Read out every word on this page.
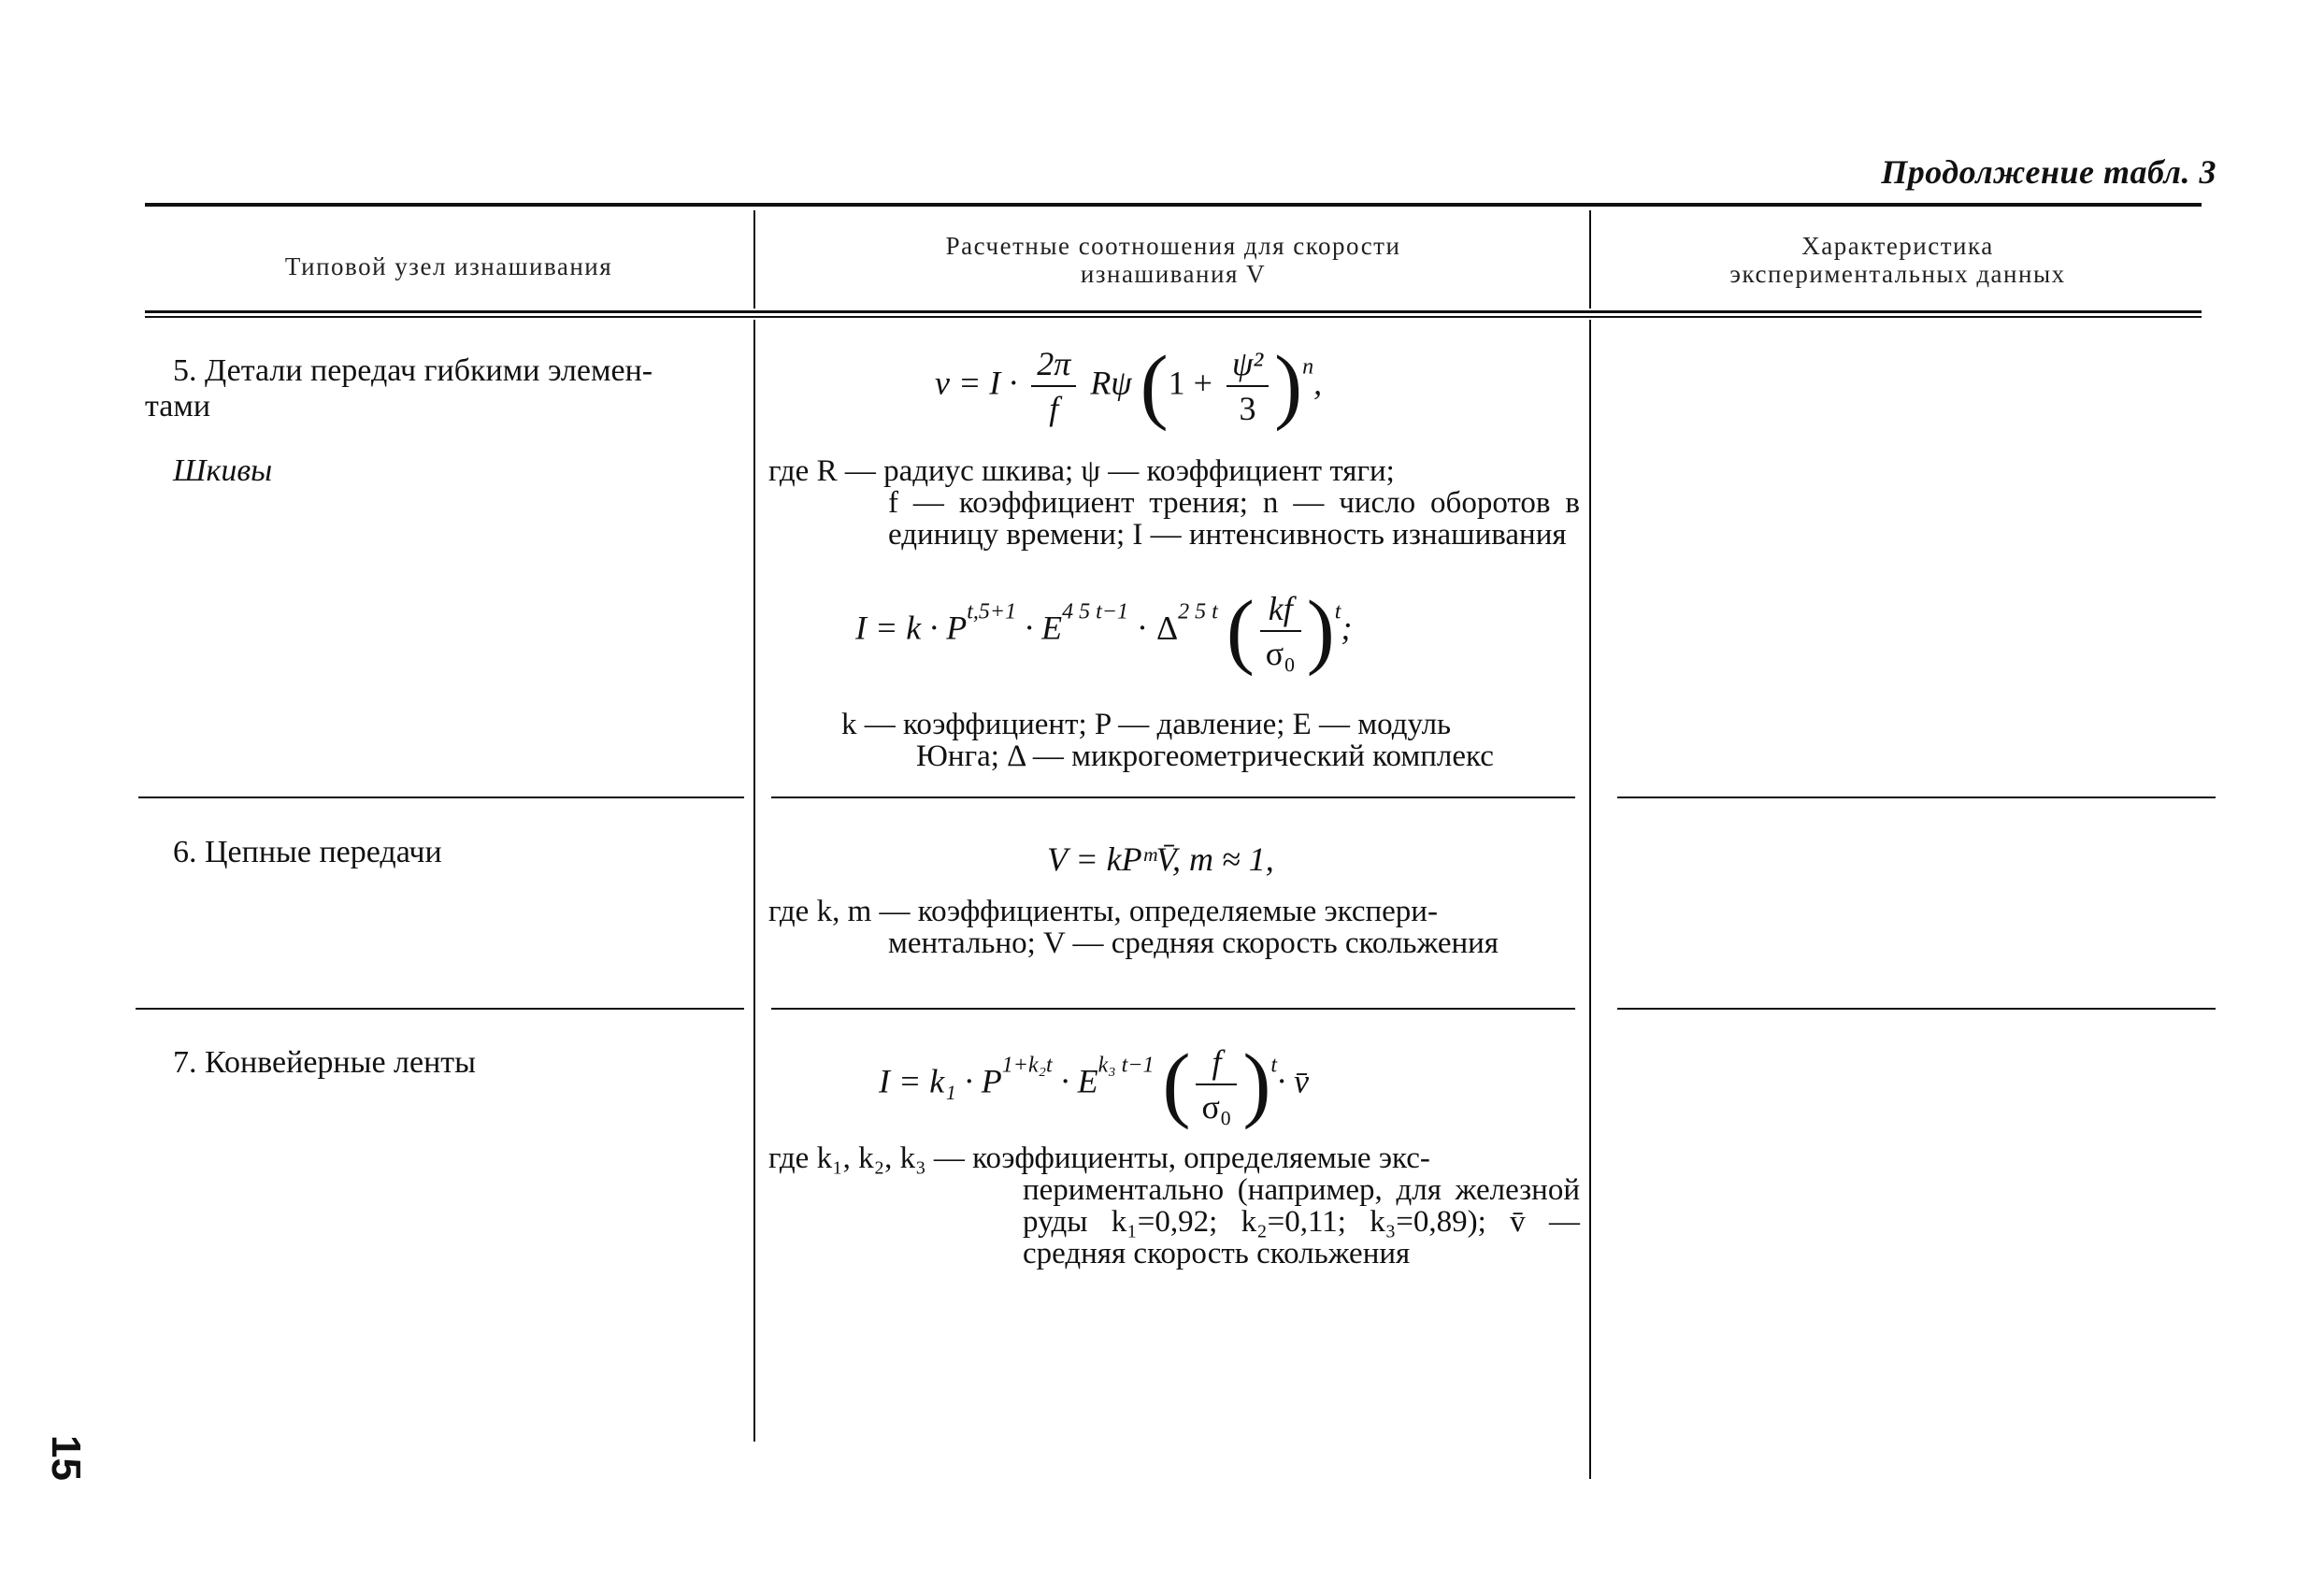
Продолжение табл. 3
Типовой узел изнашивания
Расчетные соотношения для скорости
изнашивания V
Характеристика
экспериментальных данных
5. Детали передач гибкими элемен-
тами
Шкивы
$v = I \cdot \frac{2\pi}{f}$ Rψ $(1 + \frac{\text{ψ²}}{3} )^n$,
где R — радиус шкива; ψ — коэффициент тяги;
f — коэффициент трения; n — число оборотов в единицу времени; I — интенсивность изнашивания
$I = k \cdot P^{t,5+1} \cdot E^{4 5 t-1} \cdot \Delta^{2 5 t}$ ( $\frac{kf}{\text{σ₀}} )^t$;
k — коэффициент; P — давление; E — модуль
Юнга; Δ — микрогеометрический комплекс
6. Цепные передачи	V = kPᵐV̄, m ≈ 1,
где k, m — коэффициенты, определяемые экспери-
ментально; V — средняя скорость скольжения
7. Конвейерные ленты	$I = k_1 \cdot P^{1+k_2t} \cdot E^{k_3 t-1}$ ( $\frac{f}{\text{σ₀}} )^t\cdot$ v̄
где k₁, k₂, k₃ — коэффициенты, определяемые экс-
периментально (например, для железной руды k₁=0,92; k₂=0,11; k₃=0,89); v̄ — средняя скорость скольжения
15
